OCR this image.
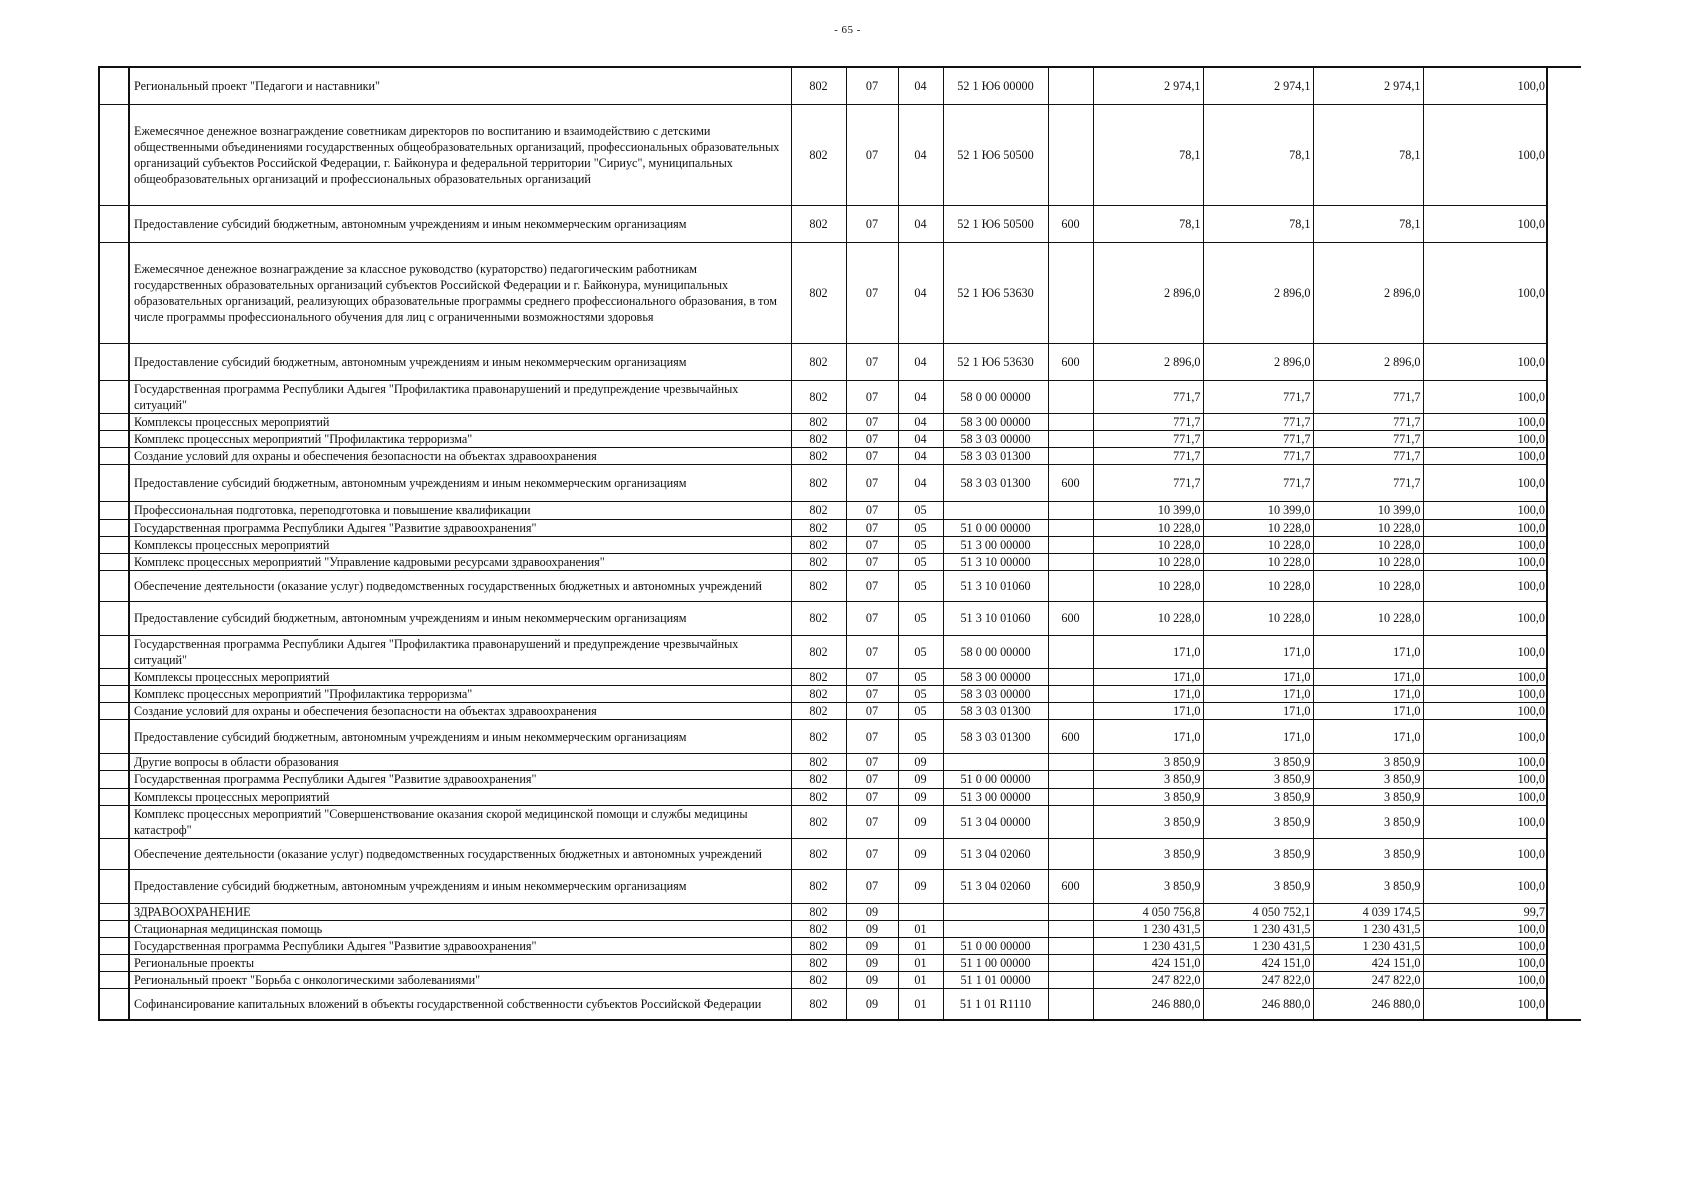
- 65 -
	Региональный проект "Педагоги и наставники"	802	07	04	52 1 Ю6 00000		2 974,1	2 974,1	2 974,1	100,0	
	Ежемесячное денежное вознаграждение советникам директоров по воспитанию и взаимодействию с детскими общественными объединениями государственных общеобразовательных организаций, профессиональных образовательных организаций субъектов Российской Федерации, г. Байконура и федеральной территории "Сириус", муниципальных общеобразовательных организаций и профессиональных образовательных организаций	802	07	04	52 1 Ю6 50500		78,1	78,1	78,1	100,0	
	Предоставление субсидий бюджетным, автономным учреждениям и иным некоммерческим организациям	802	07	04	52 1 Ю6 50500	600	78,1	78,1	78,1	100,0	
	Ежемесячное денежное вознаграждение за классное руководство (кураторство) педагогическим работникам государственных образовательных организаций субъектов Российской Федерации и г. Байконура, муниципальных образовательных организаций, реализующих образовательные программы среднего профессионального образования, в том числе программы профессионального обучения для лиц с ограниченными возможностями здоровья	802	07	04	52 1 Ю6 53630		2 896,0	2 896,0	2 896,0	100,0	
	Предоставление субсидий бюджетным, автономным учреждениям и иным некоммерческим организациям	802	07	04	52 1 Ю6 53630	600	2 896,0	2 896,0	2 896,0	100,0	
	Государственная программа Республики Адыгея "Профилактика правонарушений и предупреждение чрезвычайных ситуаций"	802	07	04	58 0 00 00000		771,7	771,7	771,7	100,0	
	Комплексы процессных мероприятий	802	07	04	58 3 00 00000		771,7	771,7	771,7	100,0	
	Комплекс процессных мероприятий "Профилактика терроризма"	802	07	04	58 3 03 00000		771,7	771,7	771,7	100,0	
	Создание условий для охраны и обеспечения безопасности на объектах здравоохранения	802	07	04	58 3 03 01300		771,7	771,7	771,7	100,0	
	Предоставление субсидий бюджетным, автономным учреждениям и иным некоммерческим организациям	802	07	04	58 3 03 01300	600	771,7	771,7	771,7	100,0	
	Профессиональная подготовка, переподготовка и повышение квалификации	802	07	05			10 399,0	10 399,0	10 399,0	100,0	
	Государственная программа Республики Адыгея "Развитие здравоохранения"	802	07	05	51 0 00 00000		10 228,0	10 228,0	10 228,0	100,0	
	Комплексы процессных мероприятий	802	07	05	51 3 00 00000		10 228,0	10 228,0	10 228,0	100,0	
	Комплекс процессных мероприятий "Управление кадровыми ресурсами здравоохранения"	802	07	05	51 3 10 00000		10 228,0	10 228,0	10 228,0	100,0	
	Обеспечение деятельности (оказание услуг) подведомственных государственных бюджетных и автономных учреждений	802	07	05	51 3 10 01060		10 228,0	10 228,0	10 228,0	100,0	
	Предоставление субсидий бюджетным, автономным учреждениям и иным некоммерческим организациям	802	07	05	51 3 10 01060	600	10 228,0	10 228,0	10 228,0	100,0	
	Государственная программа Республики Адыгея "Профилактика правонарушений и предупреждение чрезвычайных ситуаций"	802	07	05	58 0 00 00000		171,0	171,0	171,0	100,0	
	Комплексы процессных мероприятий	802	07	05	58 3 00 00000		171,0	171,0	171,0	100,0	
	Комплекс процессных мероприятий "Профилактика терроризма"	802	07	05	58 3 03 00000		171,0	171,0	171,0	100,0	
	Создание условий для охраны и обеспечения безопасности на объектах здравоохранения	802	07	05	58 3 03 01300		171,0	171,0	171,0	100,0	
	Предоставление субсидий бюджетным, автономным учреждениям и иным некоммерческим организациям	802	07	05	58 3 03 01300	600	171,0	171,0	171,0	100,0	
	Другие вопросы в области образования	802	07	09			3 850,9	3 850,9	3 850,9	100,0	
	Государственная программа Республики Адыгея "Развитие здравоохранения"	802	07	09	51 0 00 00000		3 850,9	3 850,9	3 850,9	100,0	
	Комплексы процессных мероприятий	802	07	09	51 3 00 00000		3 850,9	3 850,9	3 850,9	100,0	
	Комплекс процессных мероприятий "Совершенствование оказания скорой медицинской помощи и службы медицины катастроф"	802	07	09	51 3 04 00000		3 850,9	3 850,9	3 850,9	100,0	
	Обеспечение деятельности (оказание услуг) подведомственных государственных бюджетных и автономных учреждений	802	07	09	51 3 04 02060		3 850,9	3 850,9	3 850,9	100,0	
	Предоставление субсидий бюджетным, автономным учреждениям и иным некоммерческим организациям	802	07	09	51 3 04 02060	600	3 850,9	3 850,9	3 850,9	100,0	
	ЗДРАВООХРАНЕНИЕ	802	09				4 050 756,8	4 050 752,1	4 039 174,5	99,7	
	Стационарная медицинская помощь	802	09	01			1 230 431,5	1 230 431,5	1 230 431,5	100,0	
	Государственная программа Республики Адыгея "Развитие здравоохранения"	802	09	01	51 0 00 00000		1 230 431,5	1 230 431,5	1 230 431,5	100,0	
	Региональные проекты	802	09	01	51 1 00 00000		424 151,0	424 151,0	424 151,0	100,0	
	Региональный проект "Борьба с онкологическими заболеваниями"	802	09	01	51 1 01 00000		247 822,0	247 822,0	247 822,0	100,0	
	Софинансирование капитальных вложений в объекты государственной собственности субъектов Российской Федерации	802	09	01	51 1 01 R1110		246 880,0	246 880,0	246 880,0	100,0	
